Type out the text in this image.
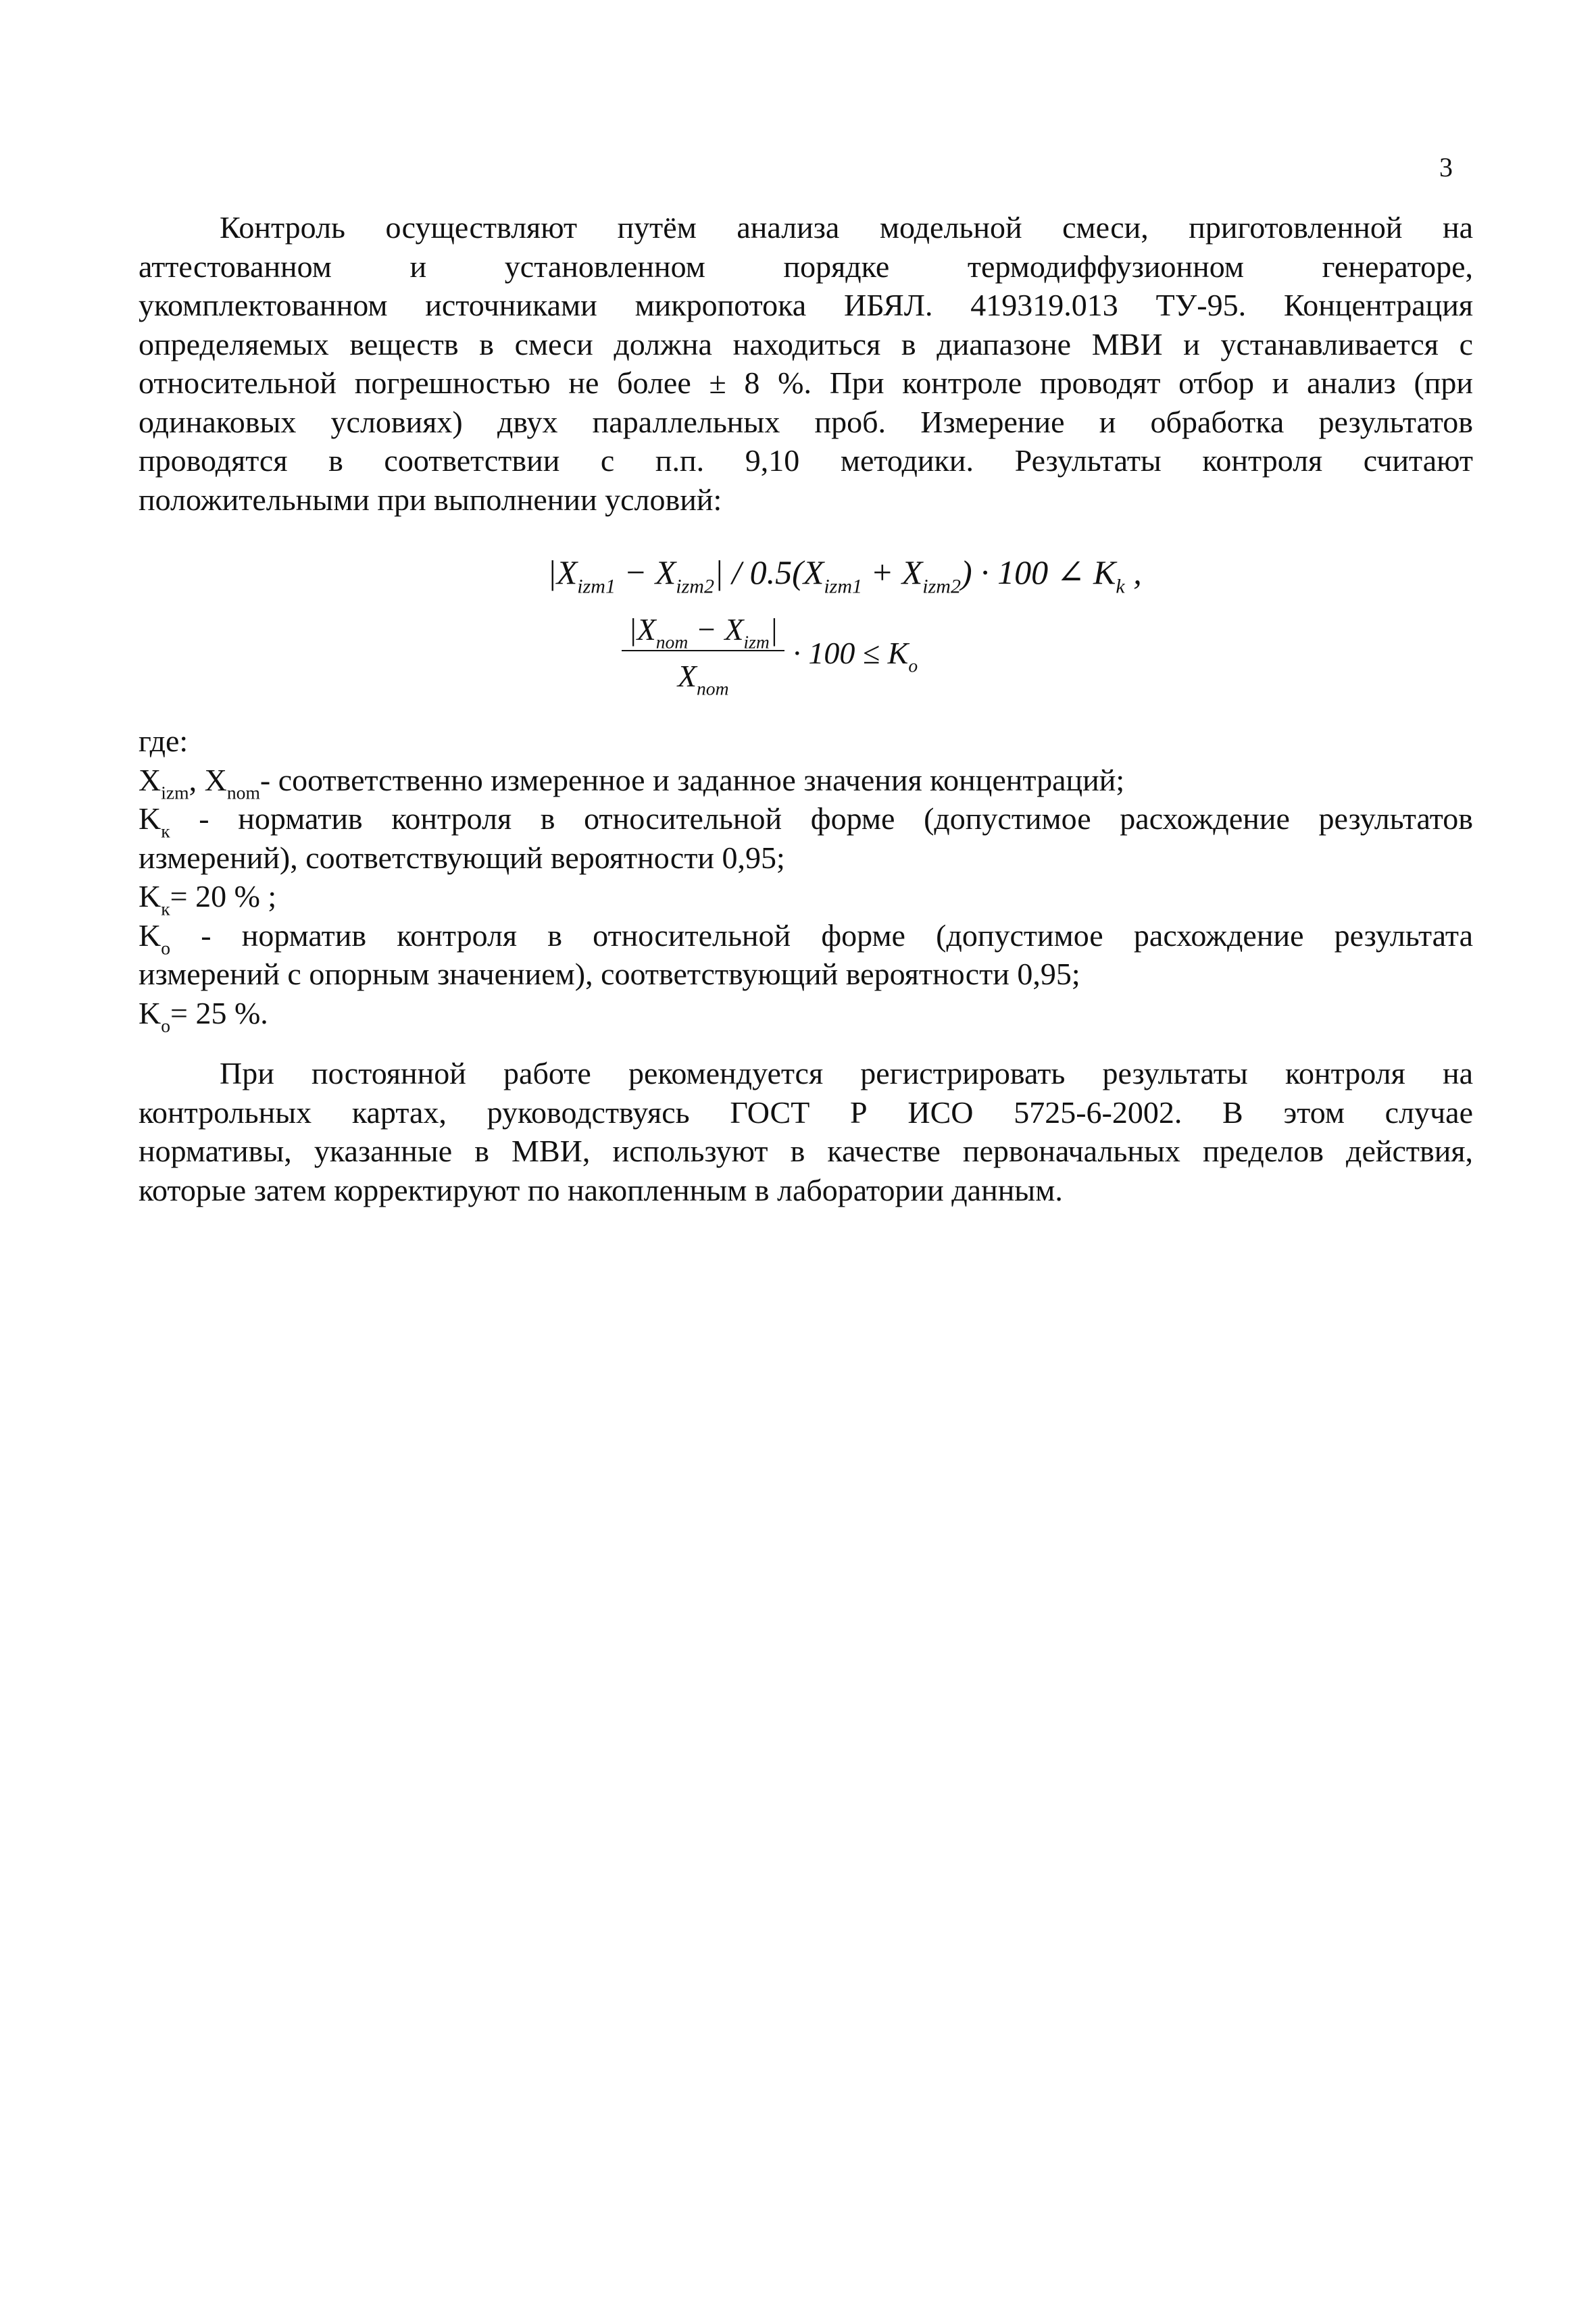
3
Контроль осуществляют путём анализа модельной смеси, приготовленной на
аттестованном и установленном порядке термодиффузионном генераторе,
укомплектованном источниками микропотока ИБЯЛ. 419319.013 ТУ-95. Концентрация
определяемых веществ в смеси должна находиться в диапазоне МВИ и устанавливается с
относительной погрешностью не более ± 8 %. При контроле проводят отбор и анализ (при
одинаковых условиях) двух параллельных проб. Измерение и обработка результатов
проводятся в соответствии с п.п. 9,10 методики. Результаты контроля считают
положительными при выполнении условий:
$|X_{izm1} - X_{izm2}| / 0.5(X_{izm1} + X_{izm2}) \cdot 100$ ∠ $K_k$ ,
$\frac{|X_{nom} - X_{izm}|}{X_{nom}} \cdot 100 \le K_o$
где:
$X_{izm}$, $X_{nom}-$ соответственно измеренное и заданное значения концентраций;
$K_к$ - норматив контроля в относительной форме (допустимое расхождение результатов
измерений), соответствующий вероятности 0,95;
$K_к= 20$ % ;
$K_о$ - норматив контроля в относительной форме (допустимое расхождение результата
измерений с опорным значением), соответствующий вероятности 0,95;
$K_о= 25$ %.
При постоянной работе рекомендуется регистрировать результаты контроля на
контрольных картах, руководствуясь ГОСТ Р ИСО 5725-6-2002. В этом случае
нормативы, указанные в МВИ, используют в качестве первоначальных пределов действия,
которые затем корректируют по накопленным в лаборатории данным.
